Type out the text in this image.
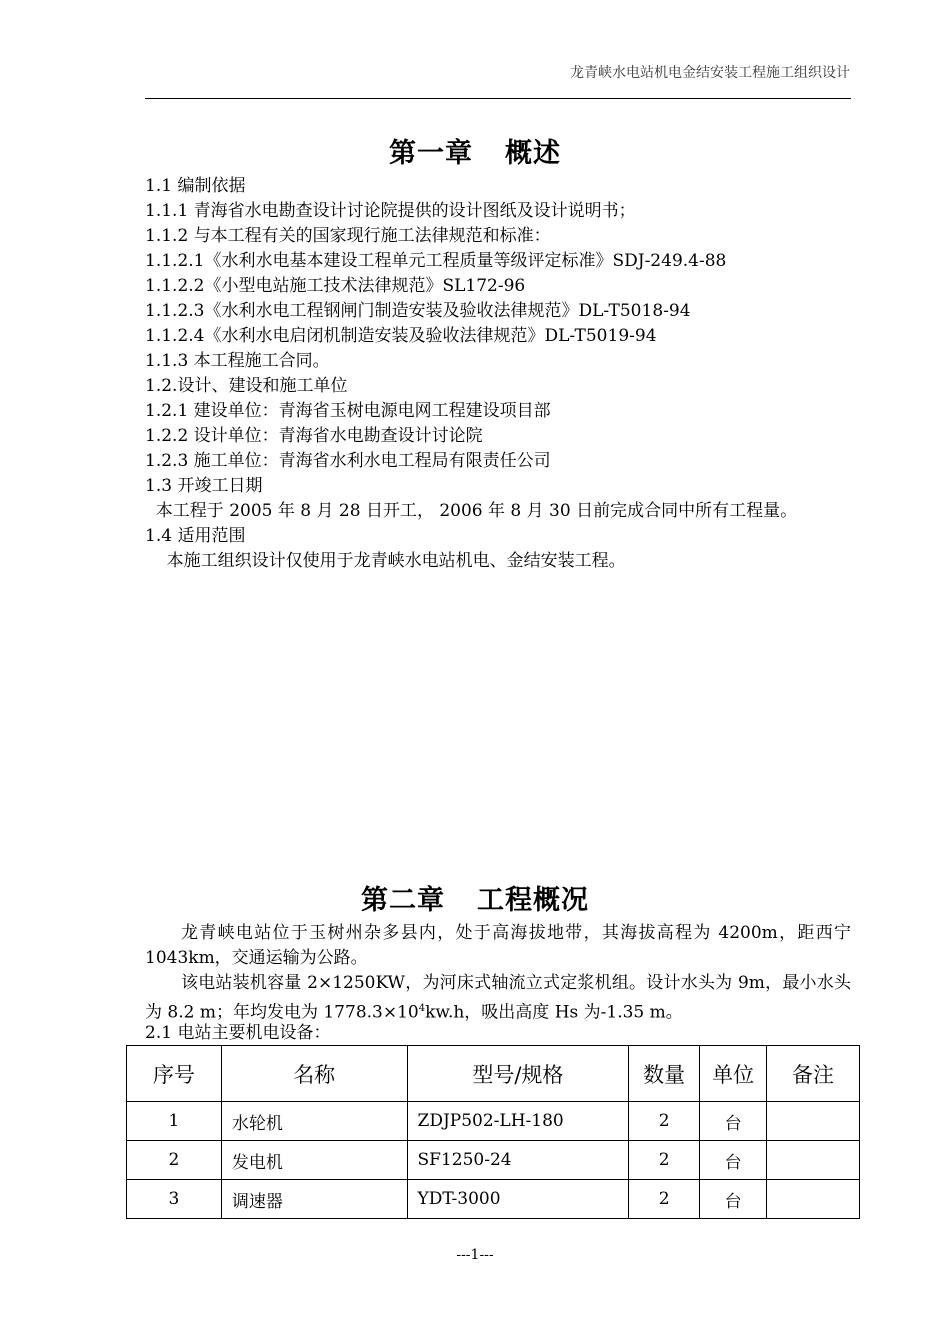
龙青峡水电站机电金结安装工程施工组织设计
第一章 概述
1.1 编制依据
1.1.1 青海省水电勘查设计讨论院提供的设计图纸及设计说明书；
1.1.2 与本工程有关的国家现行施工法律规范和标准：
1.1.2.1《水利水电基本建设工程单元工程质量等级评定标准》SDJ-249.4-88
1.1.2.2《小型电站施工技术法律规范》SL172-96
1.1.2.3《水利水电工程钢闸门制造安装及验收法律规范》DL-T5018-94
1.1.2.4《水利水电启闭机制造安装及验收法律规范》DL-T5019-94
1.1.3 本工程施工合同。
1.2.设计、建设和施工单位
1.2.1 建设单位：青海省玉树电源电网工程建设项目部
1.2.2 设计单位：青海省水电勘查设计讨论院
1.2.3 施工单位：青海省水利水电工程局有限责任公司
1.3 开竣工日期
本工程于 2005 年 8 月 28 日开工， 2006 年 8 月 30 日前完成合同中所有工程量。
1.4 适用范围
本施工组织设计仅使用于龙青峡水电站机电、金结安装工程。
第二章 工程概况
龙青峡电站位于玉树州杂多县内，处于高海拔地带，其海拔高程为 4200m，距西宁 1043km，交通运输为公路。
该电站装机容量 2×1250KW，为河床式轴流立式定浆机组。设计水头为 9m，最小水头为 8.2 m；年均发电为 $1778.3\times 10^4kw.h$，吸出高度 Hs 为-1.35 m。
2.1 电站主要机电设备：
序号	名称	型号/规格	数量	单位	备注
1	水轮机	ZDJP502-LH-180	2	台	
2	发电机	SF1250-24	2	台	
3	调速器	YDT-3000	2	台	
---1---
